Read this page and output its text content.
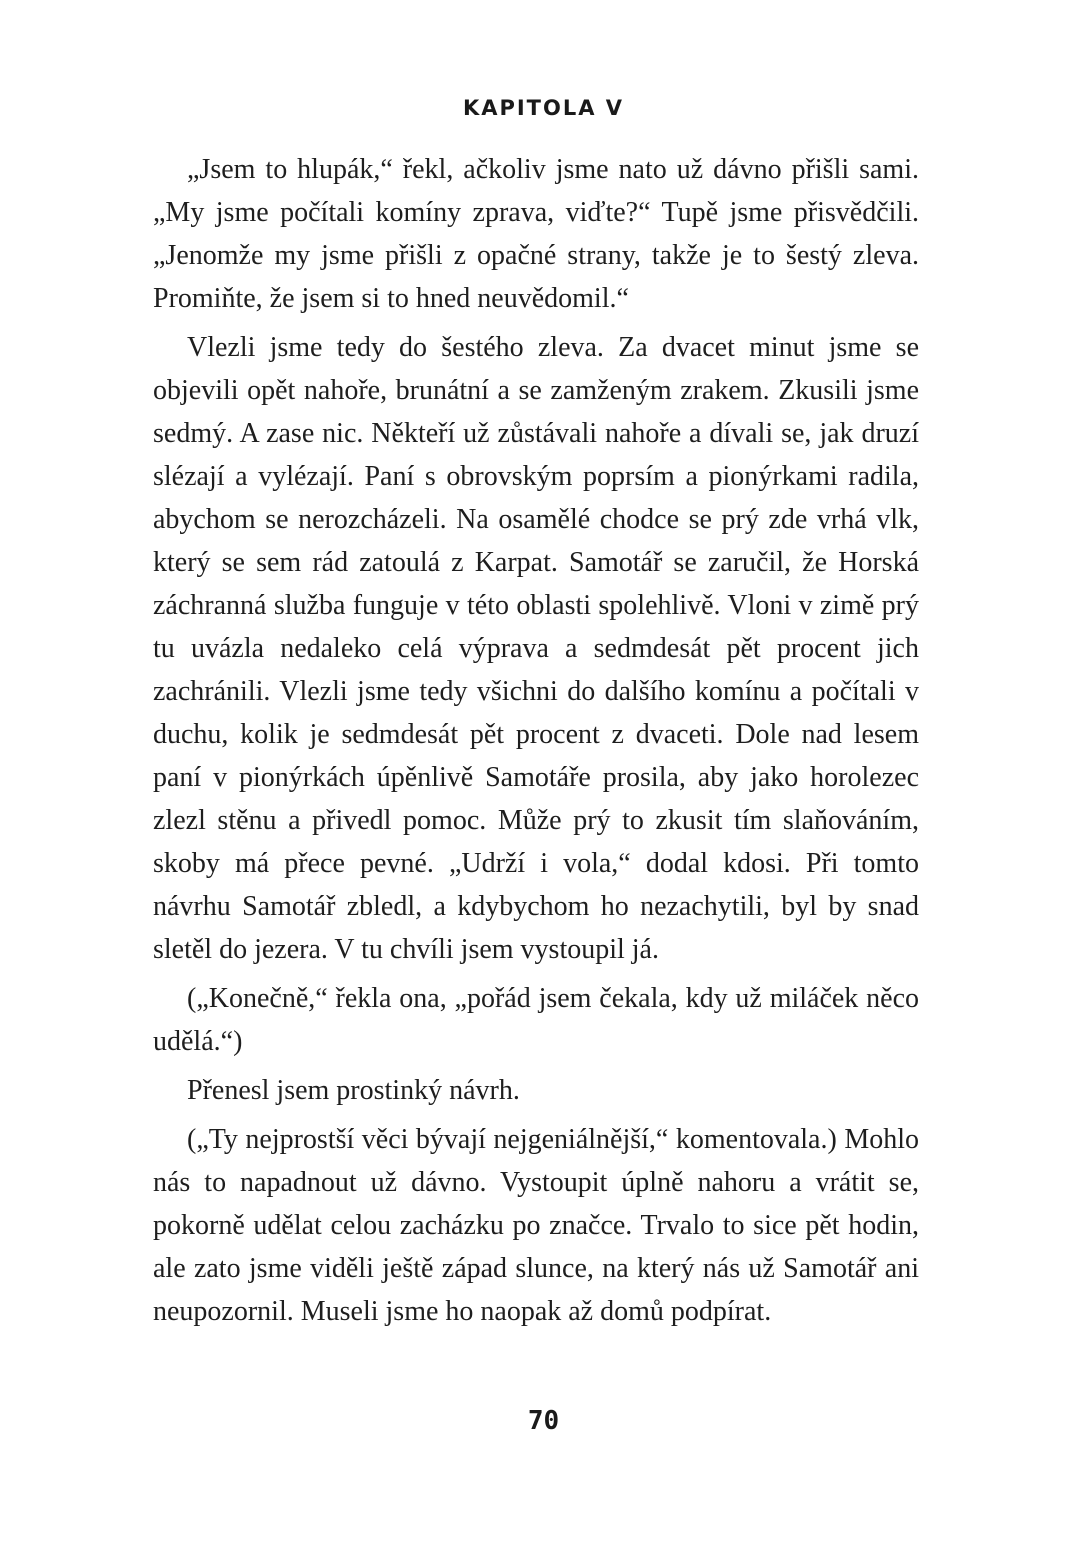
KAPITOLA V

„Jsem to hlupák,“ řekl, ačkoliv jsme nato už dávno přišli sami. „My jsme počítali komíny zprava, viďte?“ Tupě jsme přisvědčili. „Jenomže my jsme přišli z opačné strany, takže je to šestý zleva. Promiňte, že jsem si to hned neuvědomil.“

Vlezli jsme tedy do šestého zleva. Za dvacet minut jsme se objevili opět nahoře, brunátní a se zamženým zrakem. Zkusili jsme sedmý. A zase nic. Někteří už zůstávali nahoře a dívali se, jak druzí slézají a vylézají. Paní s obrovským poprsím a pionýrkami radila, abychom se nerozcházeli. Na osamělé chodce se prý zde vrhá vlk, který se sem rád zatoulá z Karpat. Samotář se zaručil, že Horská záchranná služba funguje v této oblasti spolehlivě. Vloni v zimě prý tu uvázla nedaleko celá výprava a sedmdesát pět procent jich zachránili. Vlezli jsme tedy všichni do dalšího komínu a počítali v duchu, kolik je sedmdesát pět procent z dvaceti. Dole nad lesem paní v pionýrkách úpěnlivě Samotáře prosila, aby jako horolezec zlezl stěnu a přivedl pomoc. Může prý to zkusit tím slaňováním, skoby má přece pevné. „Udrží i vola,“ dodal kdosi. Při tomto návrhu Samotář zbledl, a kdybychom ho nezachytili, byl by snad sletěl do jezera. V tu chvíli jsem vystoupil já.

(„Konečně,“ řekla ona, „pořád jsem čekala, kdy už miláček něco udělá.“)

Přenesl jsem prostinký návrh.

(„Ty nejprostší věci bývají nejgeniálnější,“ komentovala.) Mohlo nás to napadnout už dávno. Vystoupit úplně nahoru a vrátit se, pokorně udělat celou zacházku po značce. Trvalo to sice pět hodin, ale zato jsme viděli ještě západ slunce, na který nás už Samotář ani neupozornil. Museli jsme ho naopak až domů podpírat.

70
